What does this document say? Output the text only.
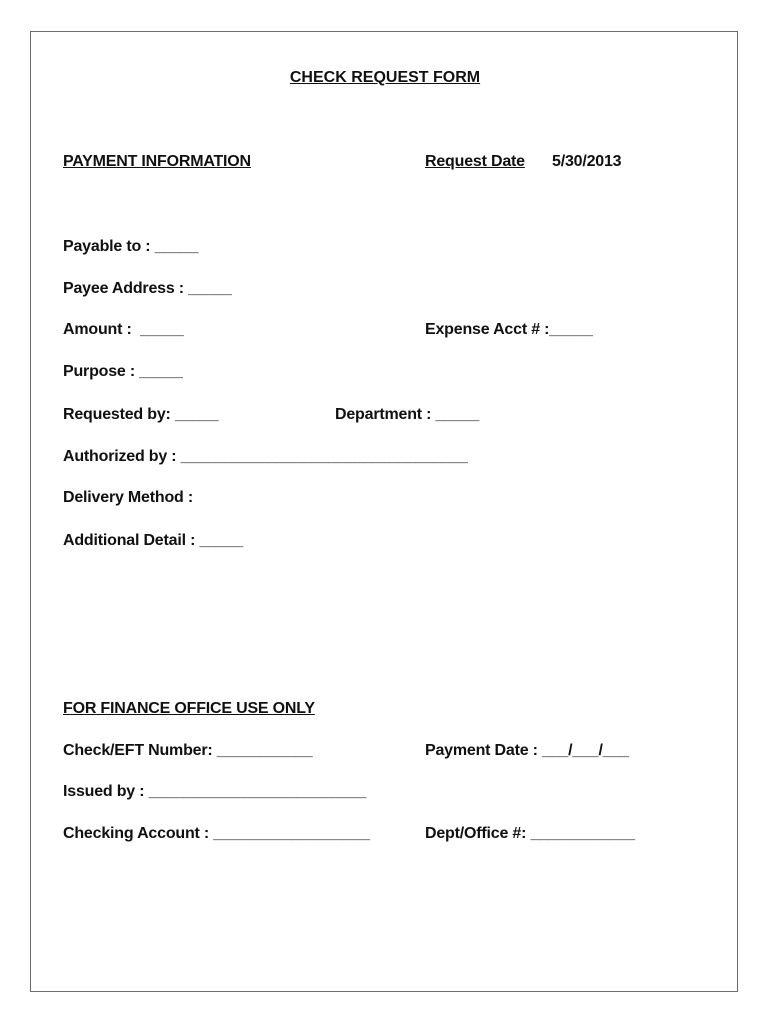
CHECK REQUEST FORM
PAYMENT INFORMATION	Request Date 5/30/2013
Payable to : _____
Payee Address : _____
Amount :  _____	Expense Acct # :_____
Purpose : _____
Requested by: _____	Department : _____
Authorized by : _________________________________
Delivery Method :
Additional Detail : _____
FOR FINANCE OFFICE USE ONLY
Check/EFT Number: ___________	Payment Date : ___/___/___
Issued by : _________________________
Checking Account : __________________	Dept/Office #: ____________
